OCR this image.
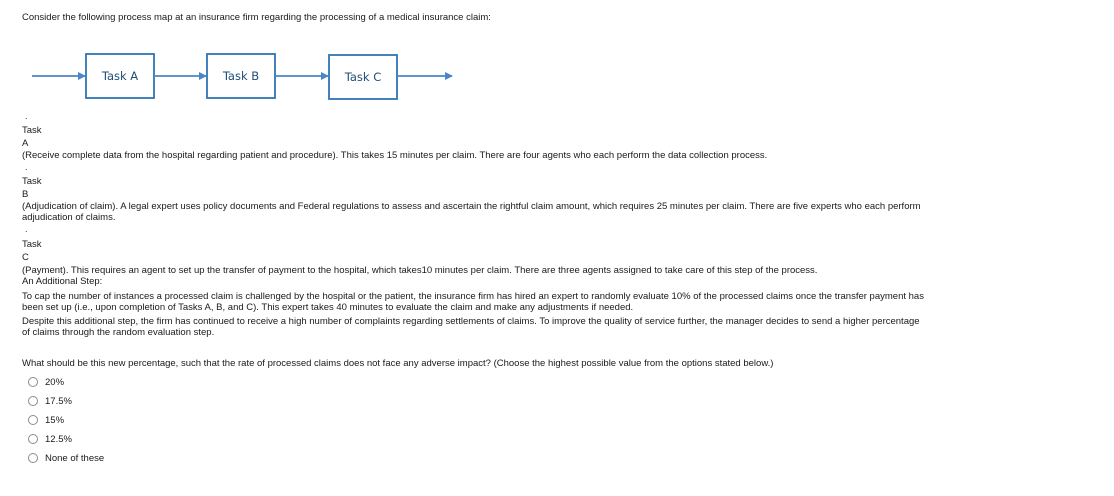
Consider the following process map at an insurance firm regarding the processing of a medical insurance claim:
Task A	Task B	Task C
.
Task
A
(Receive complete data from the hospital regarding patient and procedure). This takes 15 minutes per claim. There are four agents who each perform the data collection process.
.
Task
B
(Adjudication of claim). A legal expert uses policy documents and Federal regulations to assess and ascertain the rightful claim amount, which requires 25 minutes per claim. There are five experts who each perform
adjudication of claims.
.
Task
C
(Payment). This requires an agent to set up the transfer of payment to the hospital, which takes10 minutes per claim. There are three agents assigned to take care of this step of the process.
An Additional Step:
To cap the number of instances a processed claim is challenged by the hospital or the patient, the insurance firm has hired an expert to randomly evaluate 10% of the processed claims once the transfer payment has
been set up (i.e., upon completion of Tasks A, B, and C). This expert takes 40 minutes to evaluate the claim and make any adjustments if needed.
Despite this additional step, the firm has continued to receive a high number of complaints regarding settlements of claims. To improve the quality of service further, the manager decides to send a higher percentage
of claims through the random evaluation step.
What should be this new percentage, such that the rate of processed claims does not face any adverse impact? (Choose the highest possible value from the options stated below.)
20%
17.5%
15%
12.5%
None of these
